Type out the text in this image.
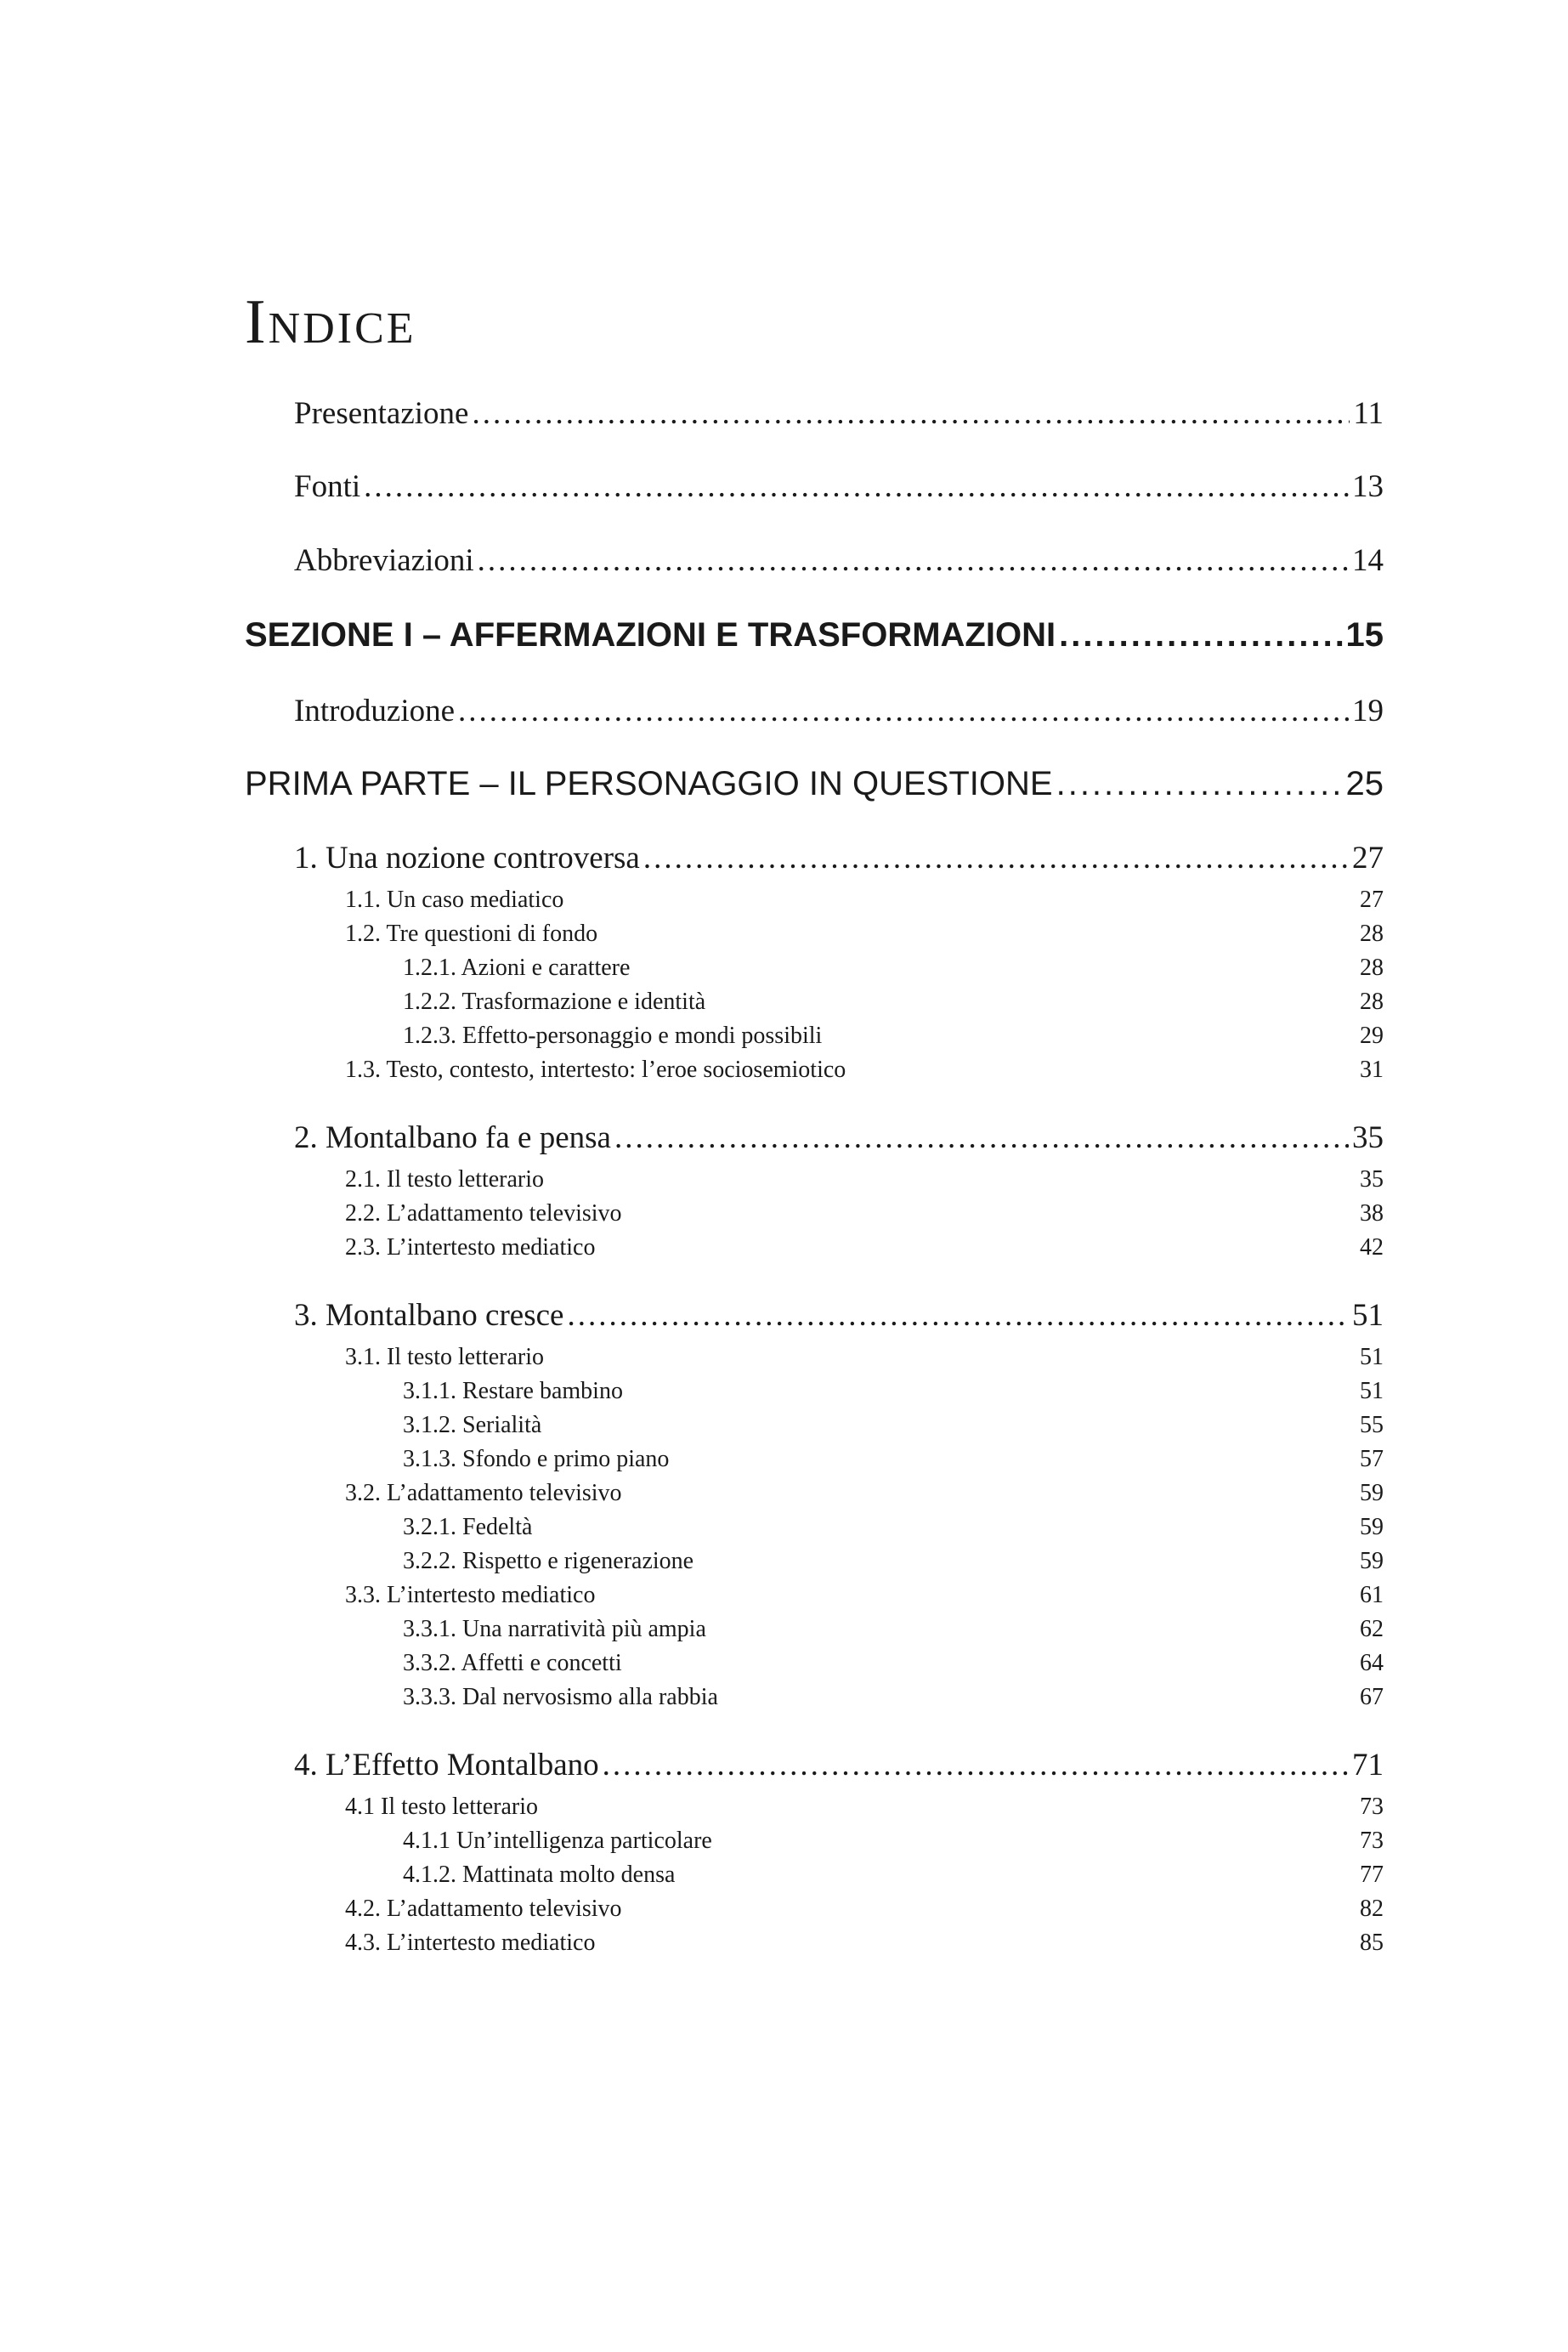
Indice
Presentazione .....	11
Fonti .....	13
Abbreviazioni .....	14
SEZIONE I – AFFERMAZIONI E TRASFORMAZIONI .....	15
Introduzione .....	19
PRIMA PARTE – IL PERSONAGGIO IN QUESTIONE .....	25
1. Una nozione controversa .....	27
1.1. Un caso mediatico	27
1.2. Tre questioni di fondo	28
1.2.1. Azioni e carattere	28
1.2.2. Trasformazione e identità	28
1.2.3. Effetto-personaggio e mondi possibili	29
1.3. Testo, contesto, intertesto: l’eroe sociosemiotico	31
2. Montalbano fa e pensa .....	35
2.1. Il testo letterario	35
2.2. L’adattamento televisivo	38
2.3. L’intertesto mediatico	42
3. Montalbano cresce .....	51
3.1. Il testo letterario	51
3.1.1. Restare bambino	51
3.1.2. Serialità	55
3.1.3. Sfondo e primo piano	57
3.2. L’adattamento televisivo	59
3.2.1. Fedeltà	59
3.2.2. Rispetto e rigenerazione	59
3.3. L’intertesto mediatico	61
3.3.1. Una narratività più ampia	62
3.3.2. Affetti e concetti	64
3.3.3. Dal nervosismo alla rabbia	67
4. L’Effetto Montalbano .....	71
4.1 Il testo letterario	73
4.1.1 Un’intelligenza particolare	73
4.1.2. Mattinata molto densa	77
4.2. L’adattamento televisivo	82
4.3. L’intertesto mediatico	85
